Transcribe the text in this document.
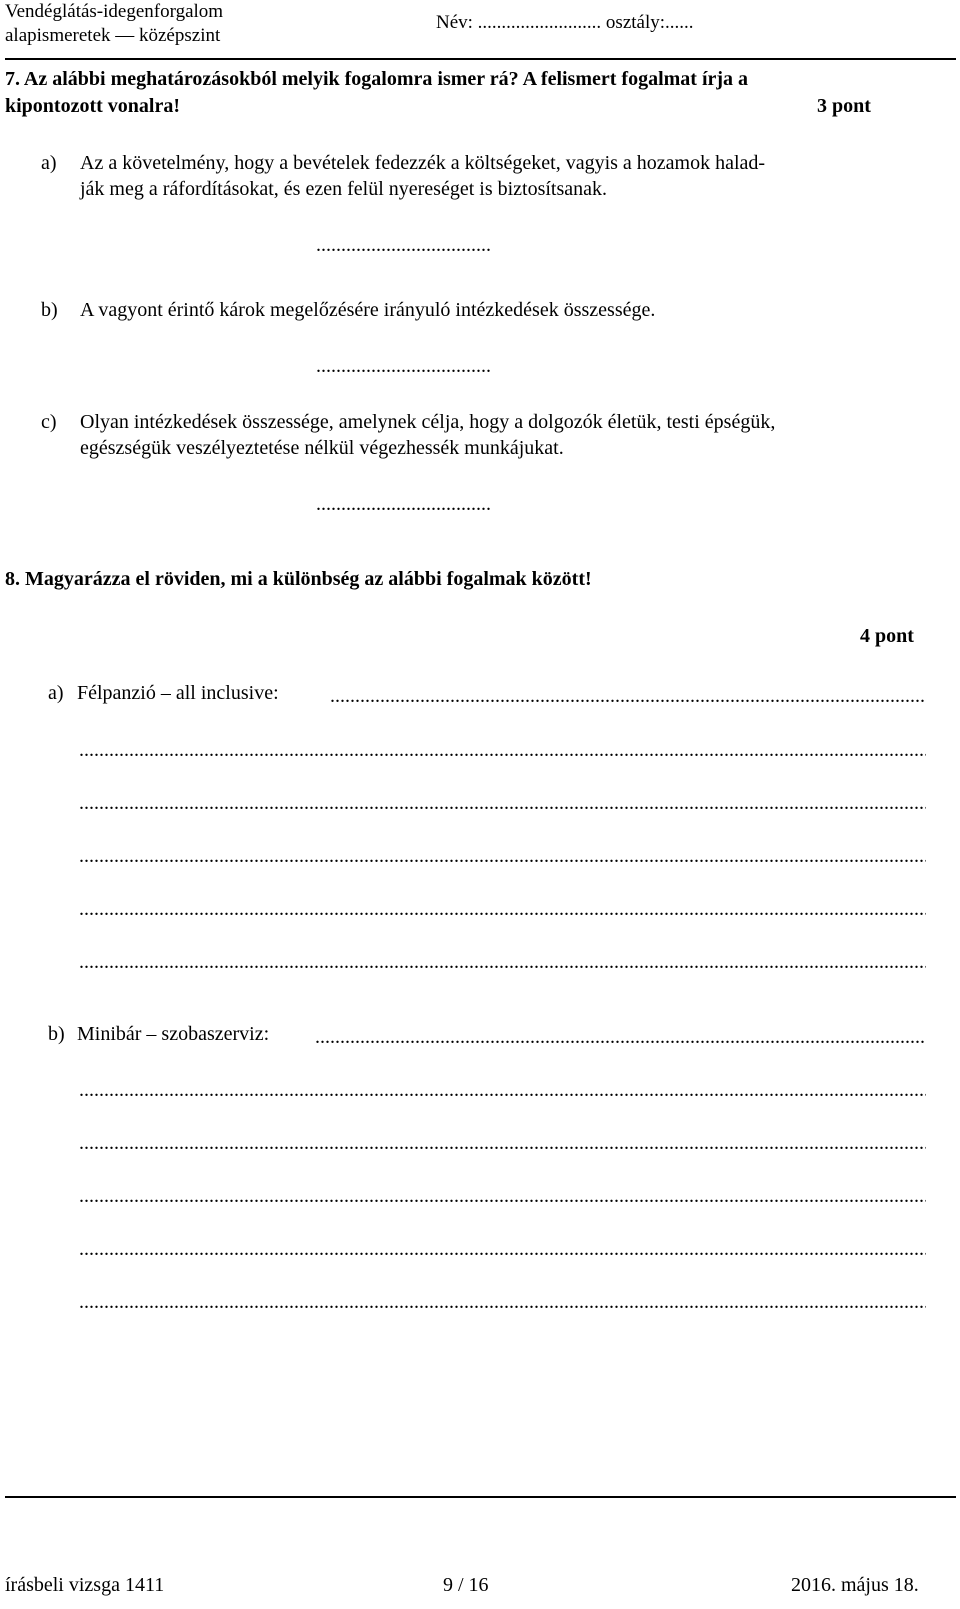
Vendéglátás-idegenforgalom
alapismeretek — középszint
Név: .......................... osztály:......
7. Az alábbi meghatározásokból melyik fogalomra ismer rá? A felismert fogalmat írja a
kipontozott vonalra!	3 pont
a) Az a követelmény, hogy a bevételek fedezzék a költségeket, vagyis a hozamok halad-
ják meg a ráfordításokat, és ezen felül nyereséget is biztosítsanak.
...................................
b) A vagyont érintő károk megelőzésére irányuló intézkedések összessége.
...................................
c) Olyan intézkedések összessége, amelynek célja, hogy a dolgozók életük, testi épségük,
egészségük veszélyeztetése nélkül végezhessék munkájukat.
...................................
8. Magyarázza el röviden, mi a különbség az alábbi fogalmak között!
4 pont
a) Félpanzió – all inclusive:
.....
.....
.....
.....
.....
.....
b) Minibár – szobaszerviz:
.....
.....
.....
.....
.....
.....
írásbeli vizsga 1411	9 / 16	2016. május 18.
